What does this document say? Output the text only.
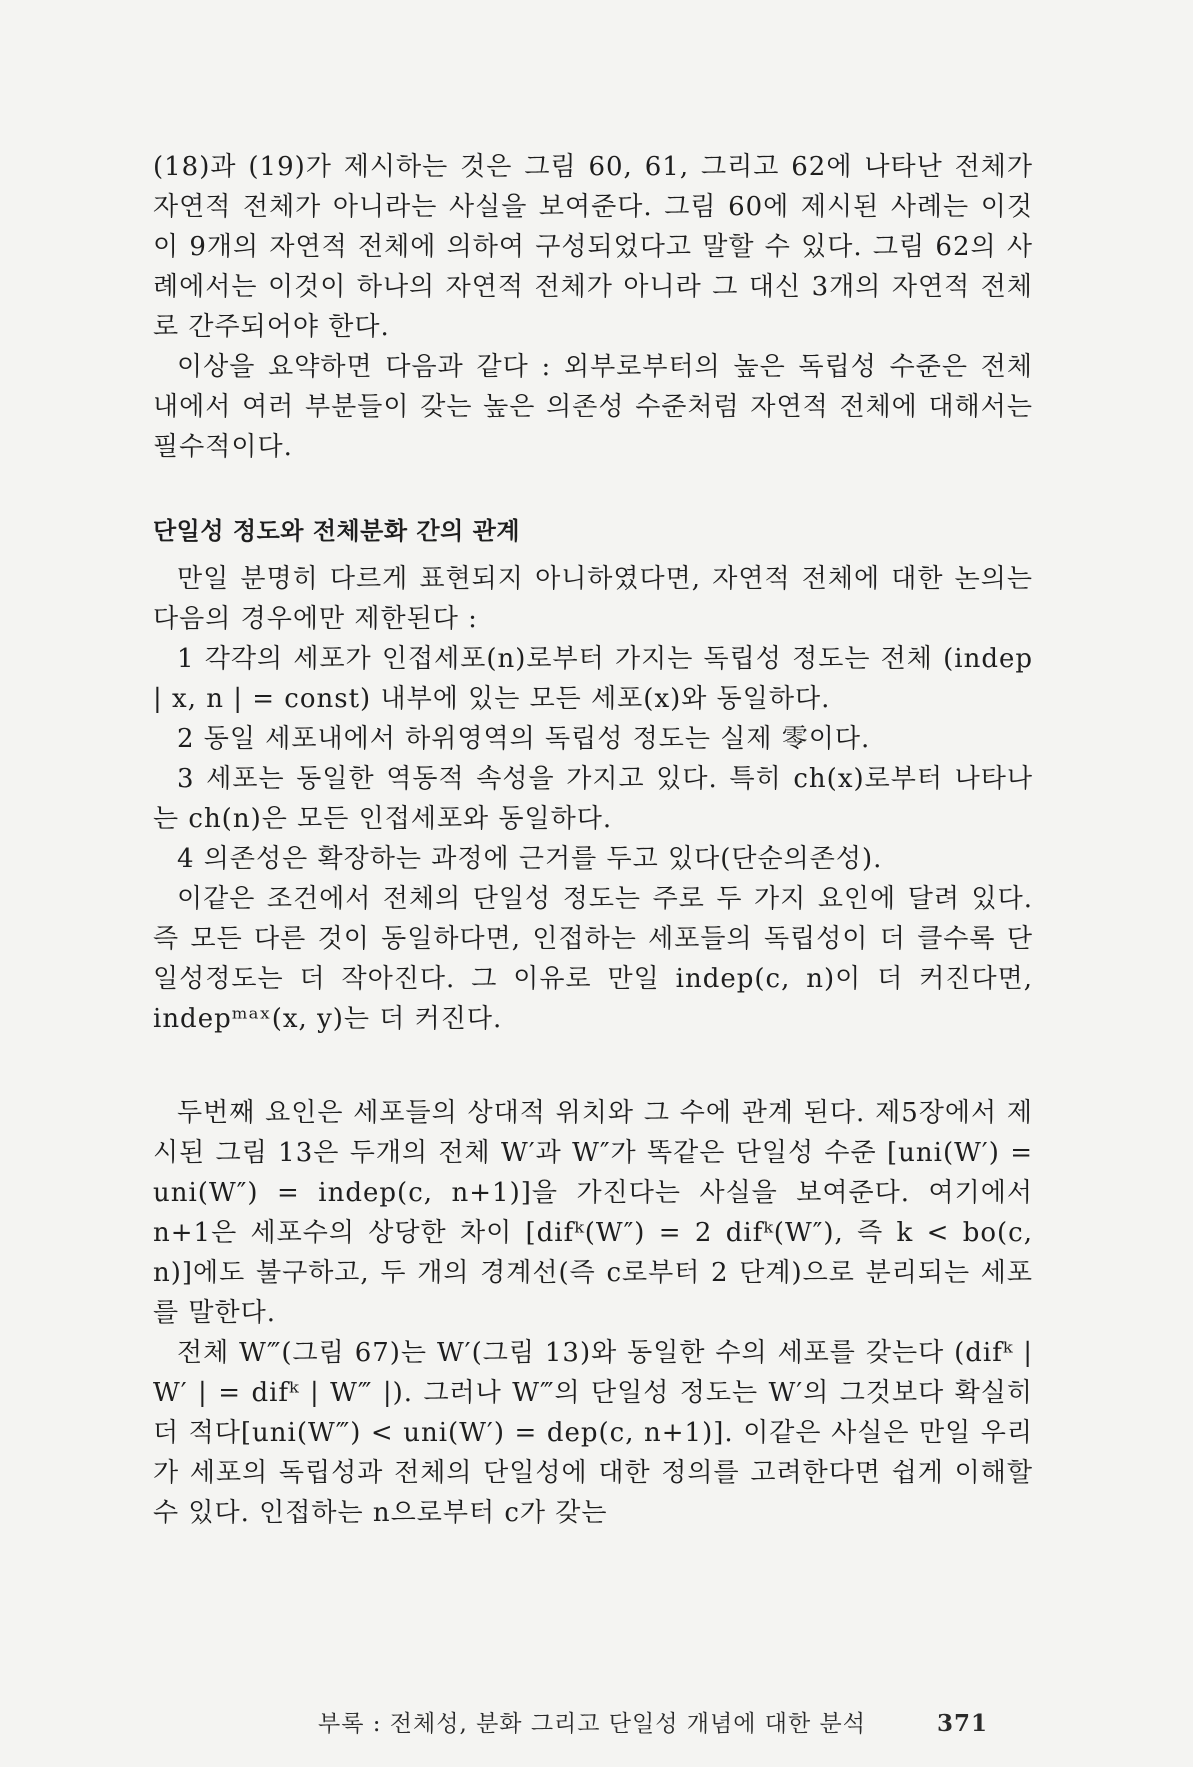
(18)과 (19)가 제시하는 것은 그림 60, 61, 그리고 62에 나타난 전체가 자연적 전체가 아니라는 사실을 보여준다. 그림 60에 제시된 사례는 이것이 9개의 자연적 전체에 의하여 구성되었다고 말할 수 있다. 그림 62의 사례에서는 이것이 하나의 자연적 전체가 아니라 그 대신 3개의 자연적 전체로 간주되어야 한다.

이상을 요약하면 다음과 같다 : 외부로부터의 높은 독립성 수준은 전체 내에서 여러 부분들이 갖는 높은 의존성 수준처럼 자연적 전체에 대해서는 필수적이다.

단일성 정도와 전체분화 간의 관계

만일 분명히 다르게 표현되지 아니하였다면, 자연적 전체에 대한 논의는 다음의 경우에만 제한된다 :

1 각각의 세포가 인접세포(n)로부터 가지는 독립성 정도는 전체 (indep | x, n | = const) 내부에 있는 모든 세포(x)와 동일하다.

2 동일 세포내에서 하위영역의 독립성 정도는 실제 零이다.

3 세포는 동일한 역동적 속성을 가지고 있다. 특히 ch(x)로부터 나타나는 ch(n)은 모든 인접세포와 동일하다.

4 의존성은 확장하는 과정에 근거를 두고 있다(단순의존성).

이같은 조건에서 전체의 단일성 정도는 주로 두 가지 요인에 달려 있다. 즉 모든 다른 것이 동일하다면, 인접하는 세포들의 독립성이 더 클수록 단일성정도는 더 작아진다. 그 이유로 만일 indep(c, n)이 더 커진다면, indepᵐᵃˣ(x, y)는 더 커진다.

두번째 요인은 세포들의 상대적 위치와 그 수에 관계 된다. 제5장에서 제시된 그림 13은 두개의 전체 W′과 W″가 똑같은 단일성 수준 [uni(W′) = uni(W″) = indep(c, n+1)]을 가진다는 사실을 보여준다. 여기에서 n+1은 세포수의 상당한 차이 [difᵏ(W″) = 2 difᵏ(W″), 즉 k < bo(c, n)]에도 불구하고, 두 개의 경계선(즉 c로부터 2 단계)으로 분리되는 세포를 말한다.

전체 W‴(그림 67)는 W′(그림 13)와 동일한 수의 세포를 갖는다 (difᵏ | W′ | = difᵏ | W‴ |). 그러나 W‴의 단일성 정도는 W′의 그것보다 확실히 더 적다[uni(W‴) < uni(W′) = dep(c, n+1)]. 이같은 사실은 만일 우리가 세포의 독립성과 전체의 단일성에 대한 정의를 고려한다면 쉽게 이해할 수 있다. 인접하는 n으로부터 c가 갖는

부록 : 전체성, 분화 그리고 단일성 개념에 대한 분석	371
